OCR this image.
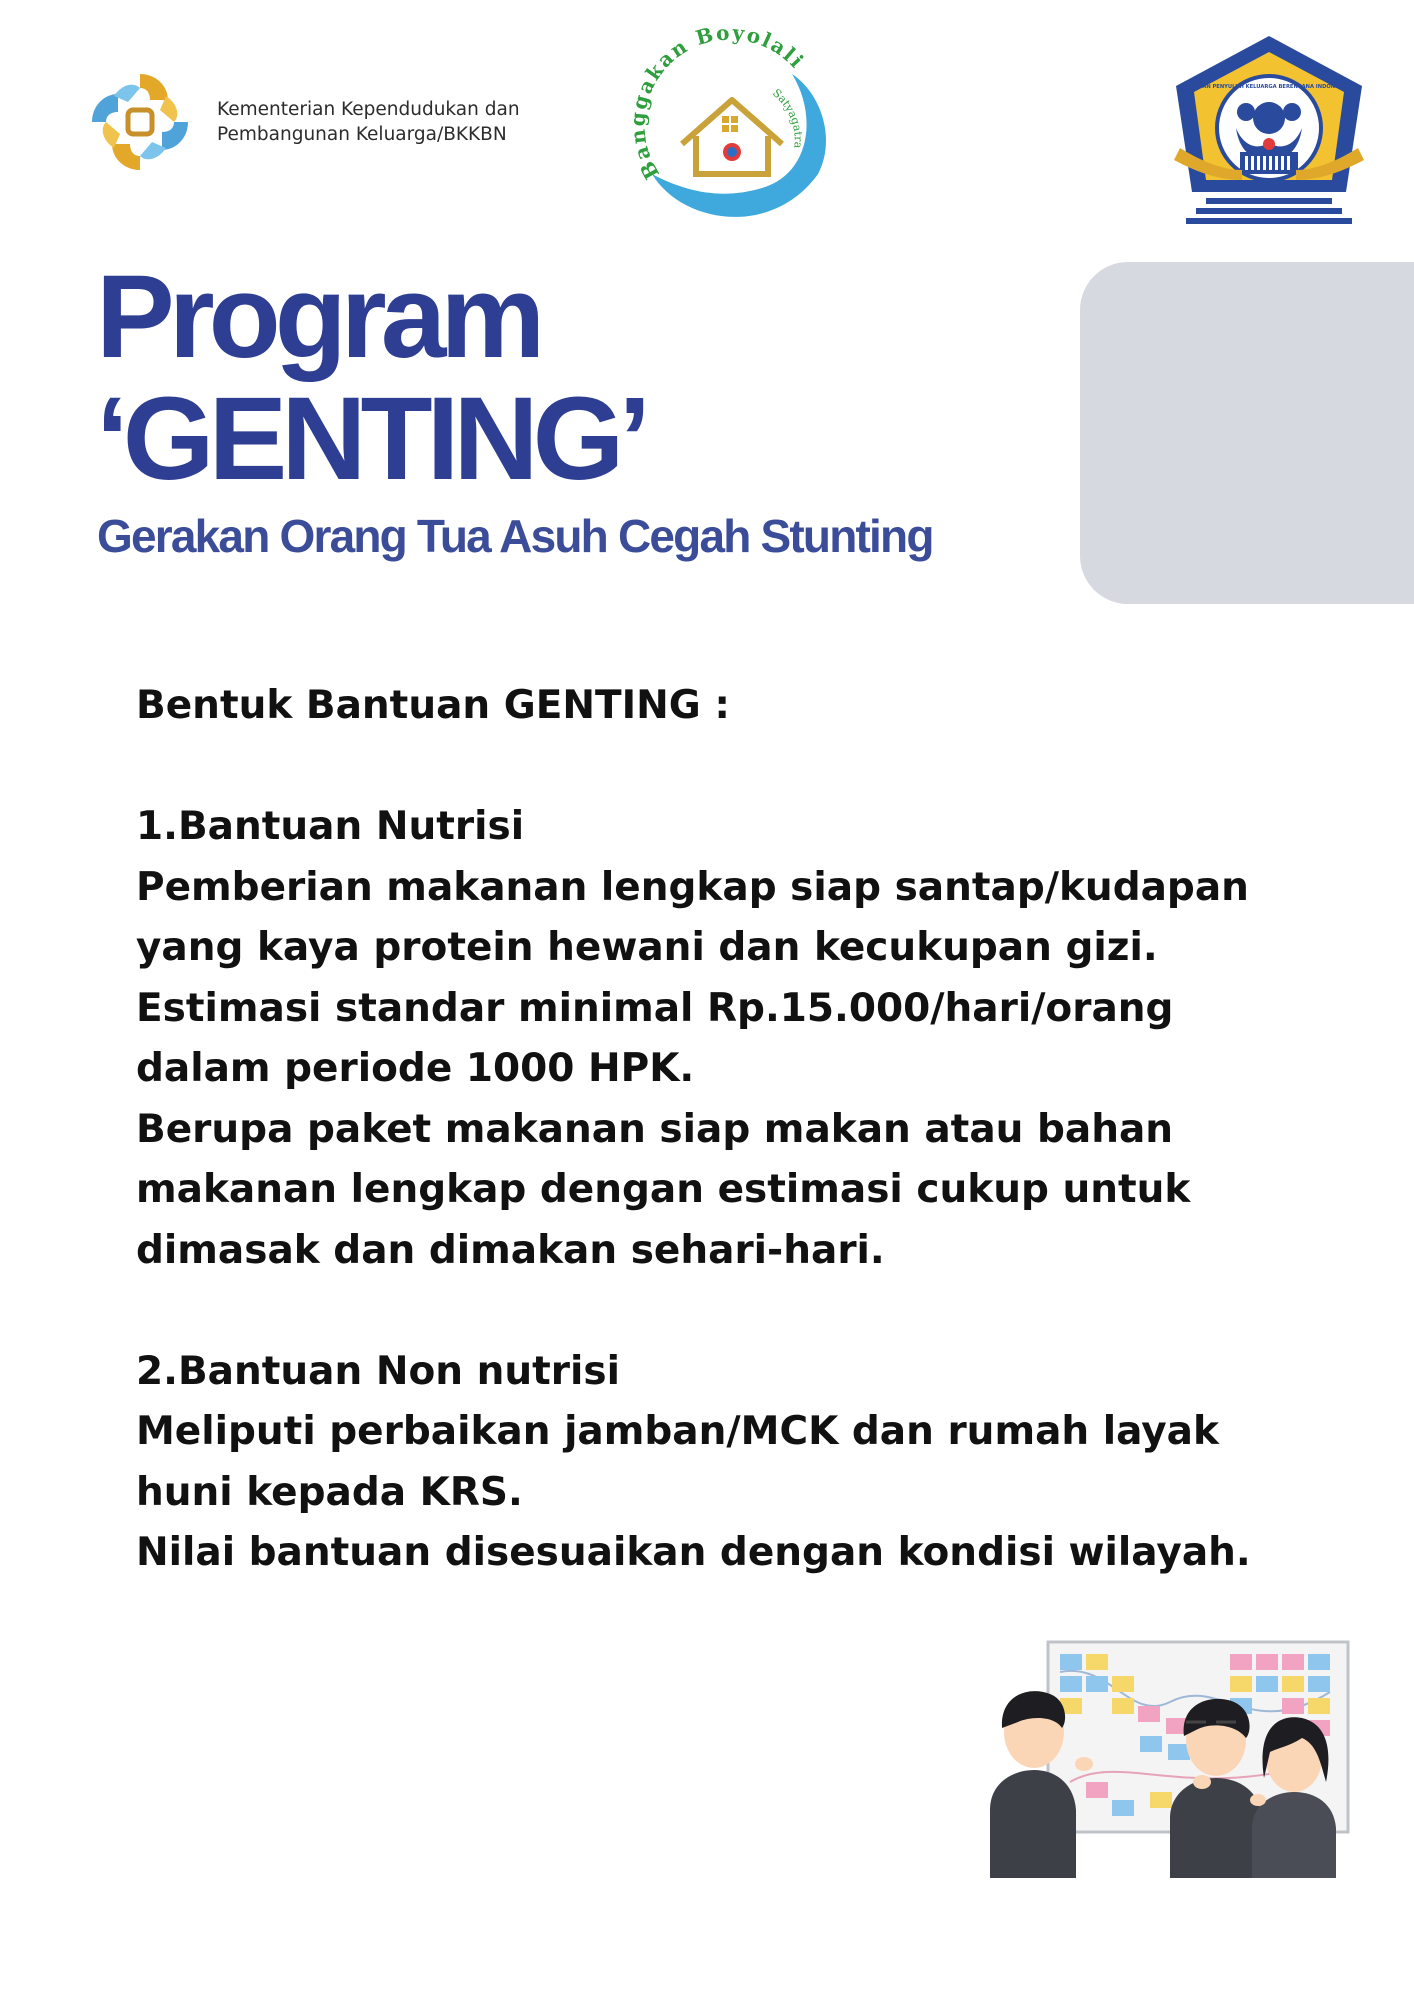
Kementerian Kependudukan dan
Pembangunan Keluarga/BKKBN
Banggakan Boyolali
Satyagatra
IKATAN PENYULUH KELUARGA BERENCANA INDONESIA
Program
‘GENTING’
Gerakan Orang Tua Asuh Cegah Stunting
Bentuk Bantuan GENTING :
1.Bantuan Nutrisi
Pemberian makanan lengkap siap santap/kudapan
yang kaya protein hewani dan kecukupan gizi.
Estimasi standar minimal Rp.15.000/hari/orang
dalam periode 1000 HPK.
Berupa paket makanan siap makan atau bahan
makanan lengkap dengan estimasi cukup untuk
dimasak dan dimakan sehari-hari.
2.Bantuan Non nutrisi
Meliputi perbaikan jamban/MCK dan rumah layak
huni kepada KRS.
Nilai bantuan disesuaikan dengan kondisi wilayah.
